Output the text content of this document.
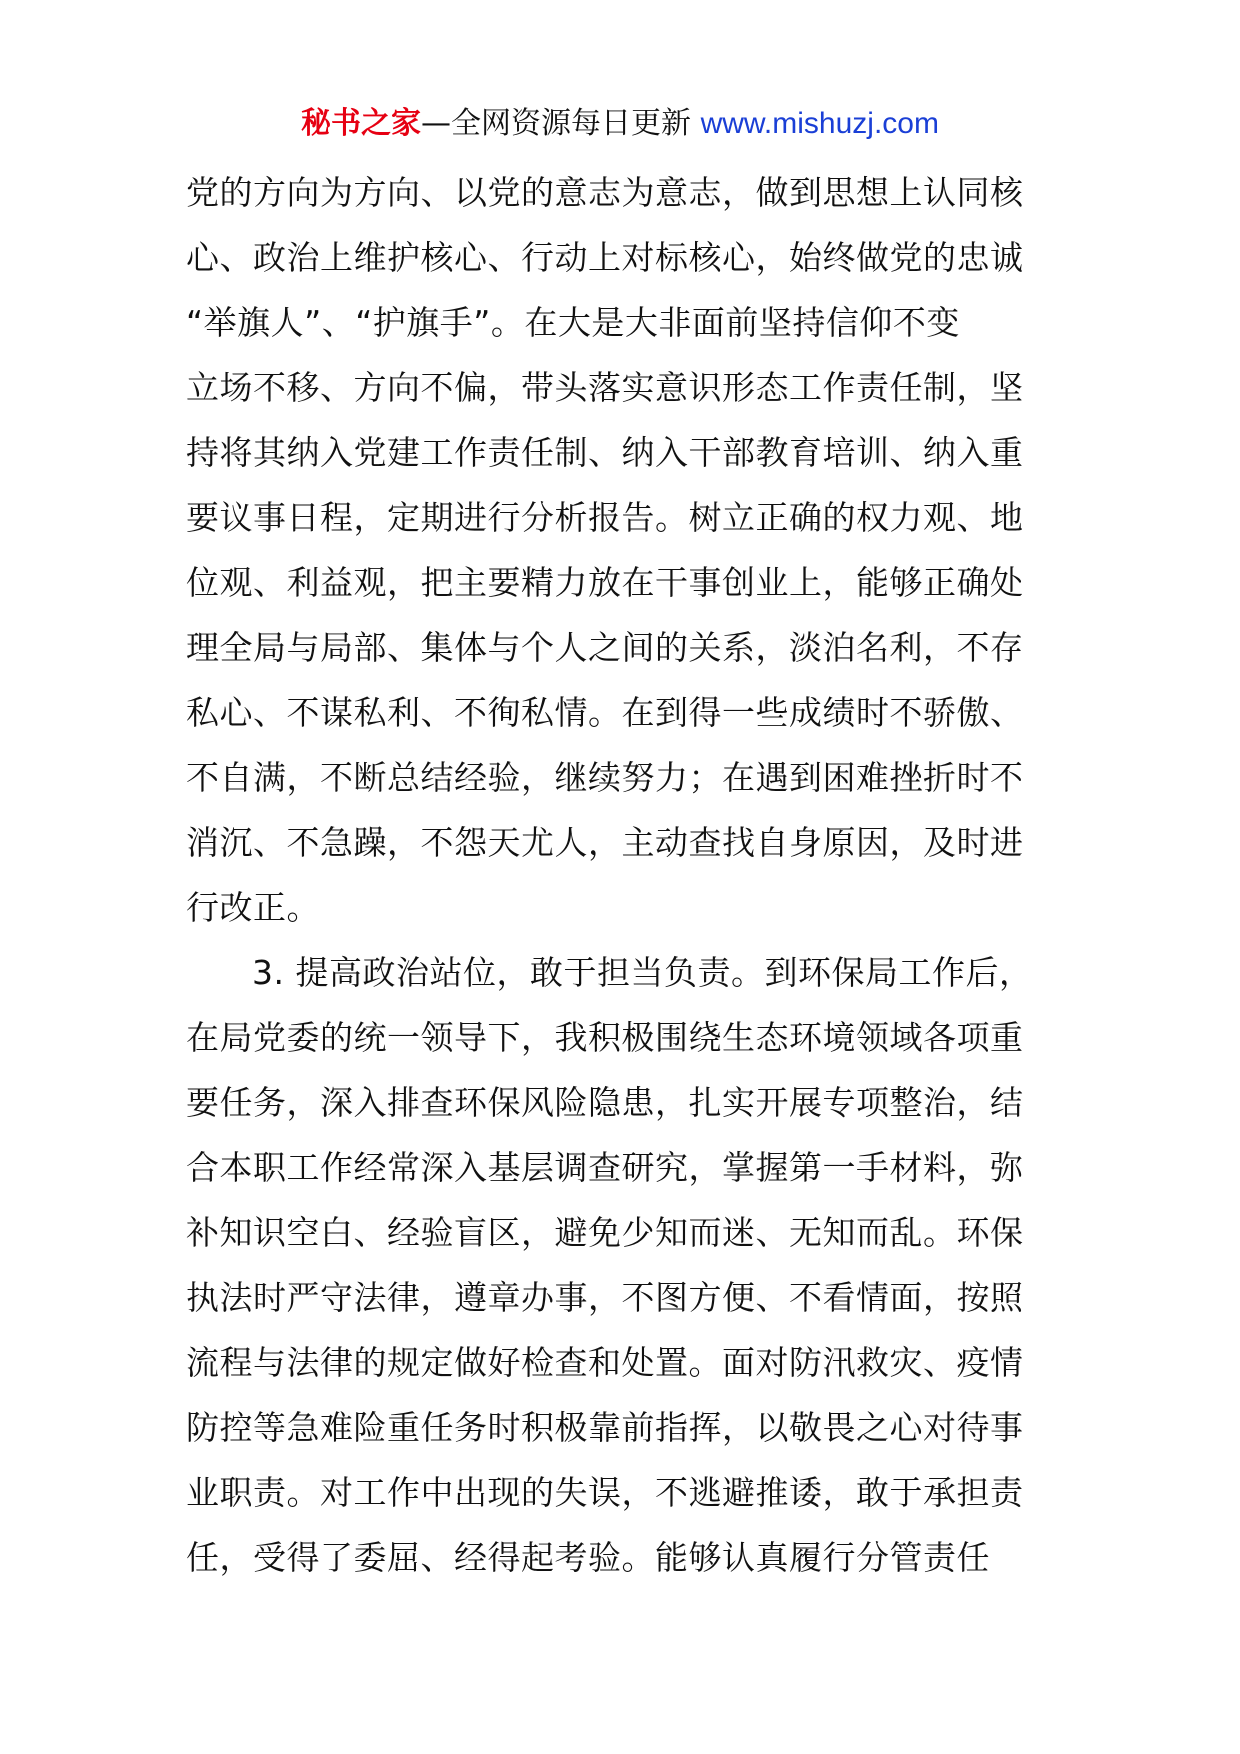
秘书之家—全网资源每日更新 www.mishuzj.com
党的方向为方向、以党的意志为意志，做到思想上认同核
心、政治上维护核心、行动上对标核心，始终做党的忠诚
“举旗人”、“护旗手”。在大是大非面前坚持信仰不变
立场不移、方向不偏，带头落实意识形态工作责任制，坚
持将其纳入党建工作责任制、纳入干部教育培训、纳入重
要议事日程，定期进行分析报告。树立正确的权力观、地
位观、利益观，把主要精力放在干事创业上，能够正确处
理全局与局部、集体与个人之间的关系，淡泊名利，不存
私心、不谋私利、不徇私情。在到得一些成绩时不骄傲、
不自满，不断总结经验，继续努力；在遇到困难挫折时不
消沉、不急躁，不怨天尤人，主动查找自身原因，及时进
行改正。
3. 提高政治站位，敢于担当负责。到环保局工作后，
在局党委的统一领导下，我积极围绕生态环境领域各项重
要任务，深入排查环保风险隐患，扎实开展专项整治，结
合本职工作经常深入基层调查研究，掌握第一手材料，弥
补知识空白、经验盲区，避免少知而迷、无知而乱。环保
执法时严守法律，遵章办事，不图方便、不看情面，按照
流程与法律的规定做好检查和处置。面对防汛救灾、疫情
防控等急难险重任务时积极靠前指挥，以敬畏之心对待事
业职责。对工作中出现的失误，不逃避推诿，敢于承担责
任，受得了委屈、经得起考验。能够认真履行分管责任
